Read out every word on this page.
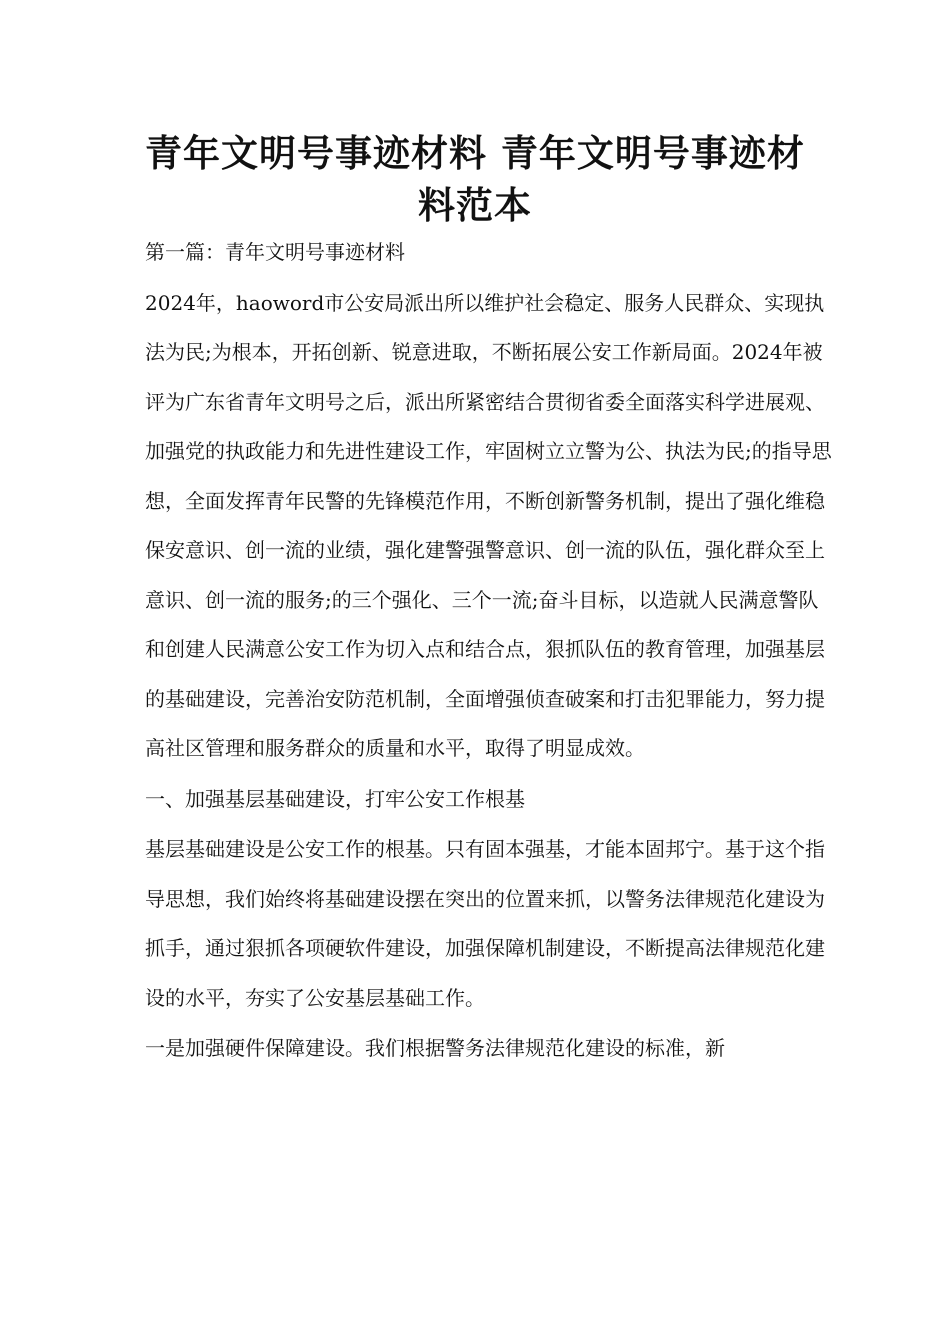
青年文明号事迹材料 青年文明号事迹材料范本

第一篇：青年文明号事迹材料

2024年，haoword市公安局派出所以维护社会稳定、服务人民群众、实现执法为民;为根本，开拓创新、锐意进取，不断拓展公安工作新局面。2024年被评为广东省青年文明号之后，派出所紧密结合贯彻省委全面落实科学进展观、加强党的执政能力和先进性建设工作，牢固树立立警为公、执法为民;的指导思想，全面发挥青年民警的先锋模范作用，不断创新警务机制，提出了强化维稳保安意识、创一流的业绩，强化建警强警意识、创一流的队伍，强化群众至上意识、创一流的服务;的三个强化、三个一流;奋斗目标，以造就人民满意警队和创建人民满意公安工作为切入点和结合点，狠抓队伍的教育管理，加强基层的基础建设，完善治安防范机制，全面增强侦查破案和打击犯罪能力，努力提高社区管理和服务群众的质量和水平，取得了明显成效。

一、加强基层基础建设，打牢公安工作根基

基层基础建设是公安工作的根基。只有固本强基，才能本固邦宁。基于这个指导思想，我们始终将基础建设摆在突出的位置来抓，以警务法律规范化建设为抓手，通过狠抓各项硬软件建设，加强保障机制建设，不断提高法律规范化建设的水平，夯实了公安基层基础工作。

一是加强硬件保障建设。我们根据警务法律规范化建设的标准，新
